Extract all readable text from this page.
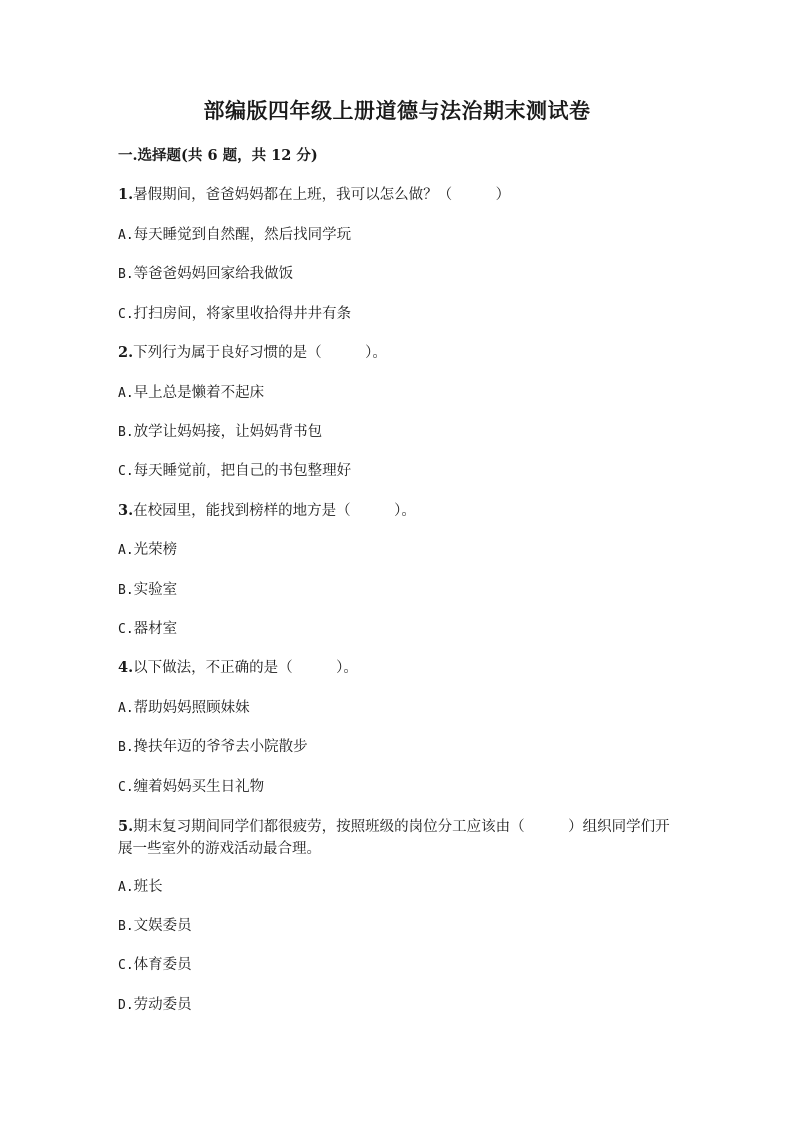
部编版四年级上册道德与法治期末测试卷
一.选择题(共 6 题，共 12 分)
1.暑假期间，爸爸妈妈都在上班，我可以怎么做？（　　　）
A.每天睡觉到自然醒，然后找同学玩
B.等爸爸妈妈回家给我做饭
C.打扫房间，将家里收拾得井井有条
2.下列行为属于良好习惯的是（　　　）。
A.早上总是懒着不起床
B.放学让妈妈接，让妈妈背书包
C.每天睡觉前，把自己的书包整理好
3.在校园里，能找到榜样的地方是（　　　）。
A.光荣榜
B.实验室
C.器材室
4.以下做法，不正确的是（　　　）。
A.帮助妈妈照顾妹妹
B.搀扶年迈的爷爷去小院散步
C.缠着妈妈买生日礼物
5.期末复习期间同学们都很疲劳，按照班级的岗位分工应该由（　　　）组织同学们开展一些室外的游戏活动最合理。
A.班长
B.文娱委员
C.体育委员
D.劳动委员
